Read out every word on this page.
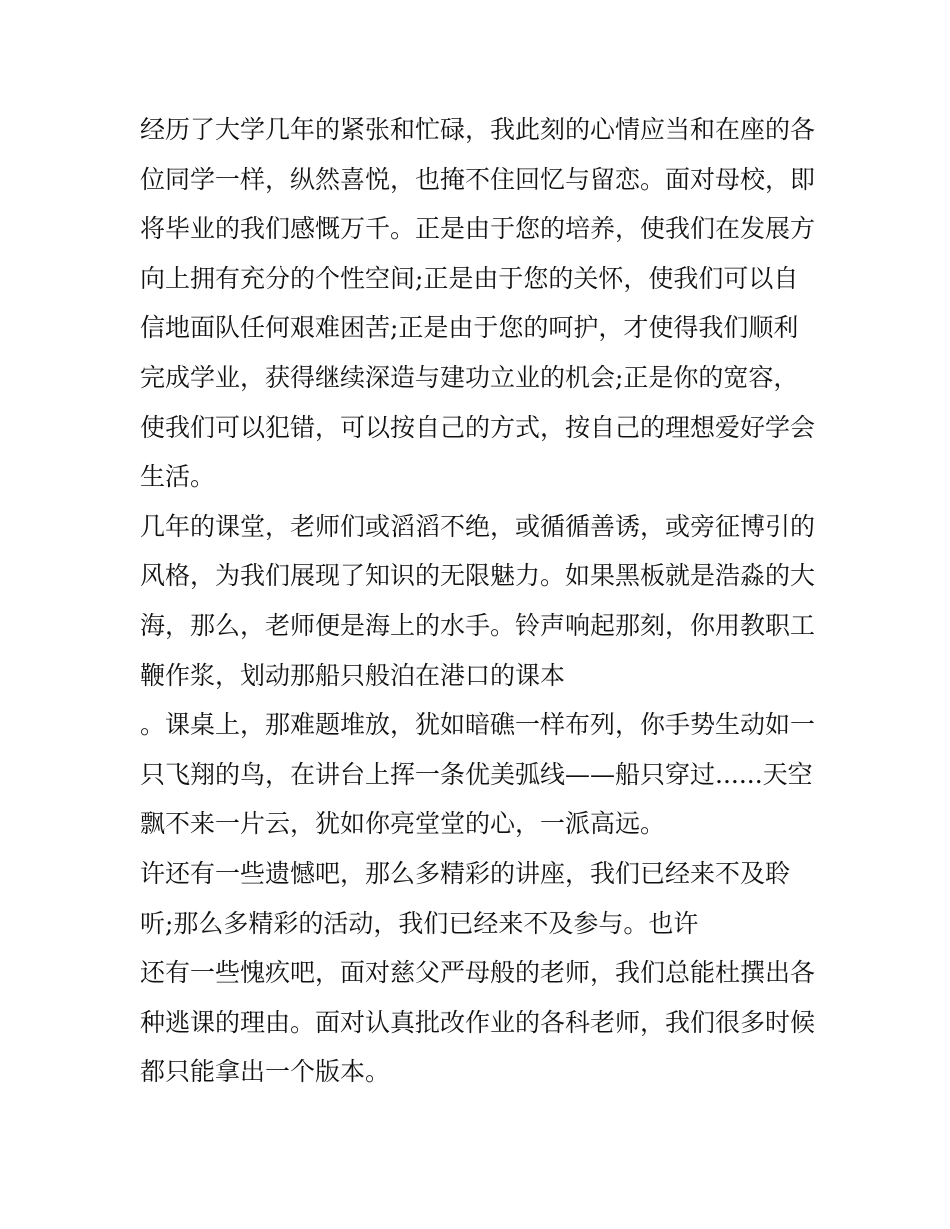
经历了大学几年的紧张和忙碌，我此刻的心情应当和在座的各
位同学一样，纵然喜悦，也掩不住回忆与留恋。面对母校，即
将毕业的我们感慨万千。正是由于您的培养，使我们在发展方
向上拥有充分的个性空间;正是由于您的关怀，使我们可以自
信地面队任何艰难困苦;正是由于您的呵护，才使得我们顺利
完成学业，获得继续深造与建功立业的机会;正是你的宽容，
使我们可以犯错，可以按自己的方式，按自己的理想爱好学会
生活。
几年的课堂，老师们或滔滔不绝，或循循善诱，或旁征博引的
风格，为我们展现了知识的无限魅力。如果黑板就是浩淼的大
海，那么，老师便是海上的水手。铃声响起那刻，你用教职工
鞭作浆，划动那船只般泊在港口的课本
。课桌上，那难题堆放，犹如暗礁一样布列，你手势生动如一
只飞翔的鸟，在讲台上挥一条优美弧线——船只穿过......天空
飘不来一片云，犹如你亮堂堂的心，一派高远。
许还有一些遗憾吧，那么多精彩的讲座，我们已经来不及聆
听;那么多精彩的活动，我们已经来不及参与。也许
还有一些愧疚吧，面对慈父严母般的老师，我们总能杜撰出各
种逃课的理由。面对认真批改作业的各科老师，我们很多时候
都只能拿出一个版本。
